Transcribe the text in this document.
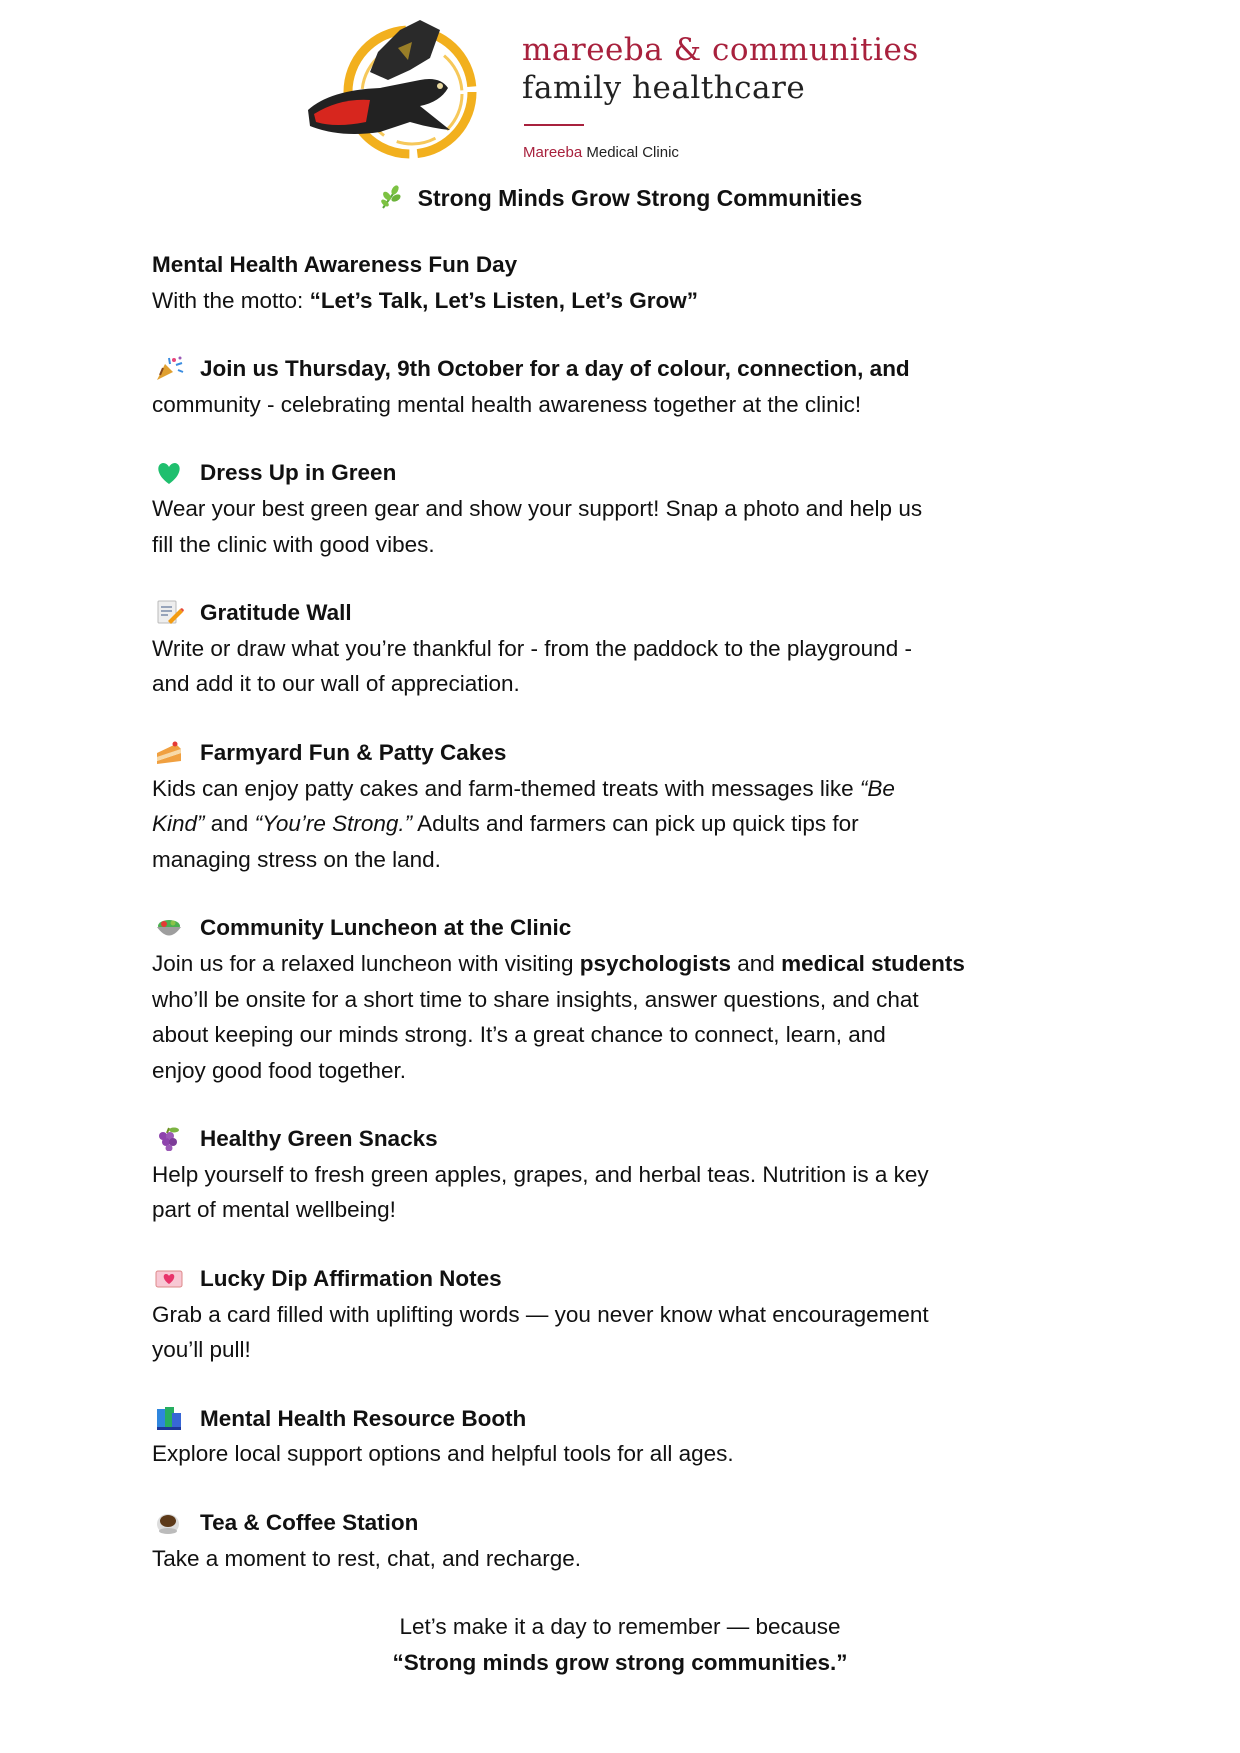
mareeba & communities
family healthcare
Mareeba Medical Clinic
Strong Minds Grow Strong Communities
Mental Health Awareness Fun Day
With the motto: “Let’s Talk, Let’s Listen, Let’s Grow”
Join us Thursday, 9th October for a day of colour, connection, and
community - celebrating mental health awareness together at the clinic!
Dress Up in Green
Wear your best green gear and show your support! Snap a photo and help us
fill the clinic with good vibes.
Gratitude Wall
Write or draw what you’re thankful for - from the paddock to the playground -
and add it to our wall of appreciation.
Farmyard Fun & Patty Cakes
Kids can enjoy patty cakes and farm-themed treats with messages like “Be
Kind” and “You’re Strong.” Adults and farmers can pick up quick tips for
managing stress on the land.
Community Luncheon at the Clinic
Join us for a relaxed luncheon with visiting psychologists and medical students
who’ll be onsite for a short time to share insights, answer questions, and chat
about keeping our minds strong. It’s a great chance to connect, learn, and
enjoy good food together.
Healthy Green Snacks
Help yourself to fresh green apples, grapes, and herbal teas. Nutrition is a key
part of mental wellbeing!
Lucky Dip Affirmation Notes
Grab a card filled with uplifting words — you never know what encouragement
you’ll pull!
Mental Health Resource Booth
Explore local support options and helpful tools for all ages.
Tea & Coffee Station
Take a moment to rest, chat, and recharge.
Let’s make it a day to remember — because
“Strong minds grow strong communities.”
